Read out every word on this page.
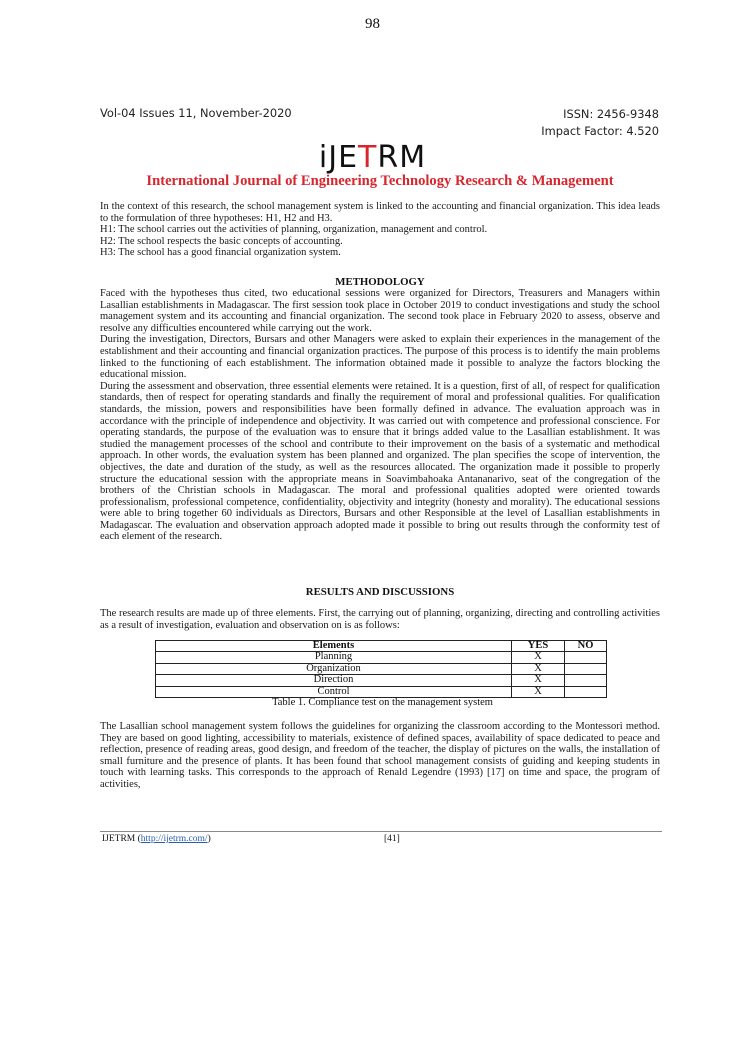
98
Vol-04 Issues 11, November-2020	ISSN: 2456-9348
Impact Factor: 4.520
iJETRM
International Journal of Engineering Technology Research & Management

In the context of this research, the school management system is linked to the accounting and financial organization. This idea leads to the formulation of three hypotheses: H1, H2 and H3.

H1: The school carries out the activities of planning, organization, management and control.

H2: The school respects the basic concepts of accounting.

H3: The school has a good financial organization system.

METHODOLOGY

Faced with the hypotheses thus cited, two educational sessions were organized for Directors, Treasurers and Managers within Lasallian establishments in Madagascar. The first session took place in October 2019 to conduct investigations and study the school management system and its accounting and financial organization. The second took place in February 2020 to assess, observe and resolve any difficulties encountered while carrying out the work.

During the investigation, Directors, Bursars and other Managers were asked to explain their experiences in the management of the establishment and their accounting and financial organization practices. The purpose of this process is to identify the main problems linked to the functioning of each establishment. The information obtained made it possible to analyze the factors blocking the educational mission.

During the assessment and observation, three essential elements were retained. It is a question, first of all, of respect for qualification standards, then of respect for operating standards and finally the requirement of moral and professional qualities. For qualification standards, the mission, powers and responsibilities have been formally defined in advance. The evaluation approach was in accordance with the principle of independence and objectivity. It was carried out with competence and professional conscience. For operating standards, the purpose of the evaluation was to ensure that it brings added value to the Lasallian establishment. It was studied the management processes of the school and contribute to their improvement on the basis of a systematic and methodical approach. In other words, the evaluation system has been planned and organized. The plan specifies the scope of intervention, the objectives, the date and duration of the study, as well as the resources allocated. The organization made it possible to properly structure the educational session with the appropriate means in Soavimbahoaka Antananarivo, seat of the congregation of the brothers of the Christian schools in Madagascar. The moral and professional qualities adopted were oriented towards professionalism, professional competence, confidentiality, objectivity and integrity (honesty and morality). The educational sessions were able to bring together 60 individuals as Directors, Bursars and other Responsible at the level of Lasallian establishments in Madagascar. The evaluation and observation approach adopted made it possible to bring out results through the conformity test of each element of the research.

RESULTS AND DISCUSSIONS

The research results are made up of three elements. First, the carrying out of planning, organizing, directing and controlling activities as a result of investigation, evaluation and observation on is as follows:

Elements	YES	NO
Planning	X	
Organization	X	
Direction	X	
Control	X	
Table 1. Compliance test on the management system

The Lasallian school management system follows the guidelines for organizing the classroom according to the Montessori method. They are based on good lighting, accessibility to materials, existence of defined spaces, availability of space dedicated to peace and reflection, presence of reading areas, good design, and freedom of the teacher, the display of pictures on the walls, the installation of small furniture and the presence of plants. It has been found that school management consists of guiding and keeping students in touch with learning tasks. This corresponds to the approach of Renald Legendre (1993) [17] on time and space, the program of activities,

IJETRM (http://ijetrm.com/)	[41]
